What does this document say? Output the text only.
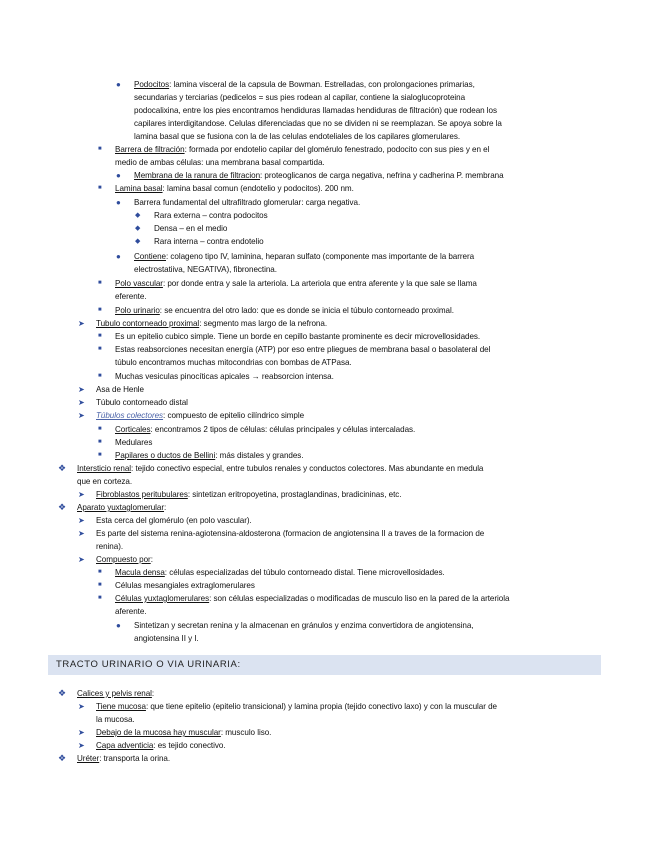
● Podocitos: lamina visceral de la capsula de Bowman. Estrelladas, con prolongaciones primarias,
secundarias y terciarias (pedicelos = sus pies rodean al capilar, contiene la sialoglucoproteina
podocalixina, entre los pies encontramos hendiduras llamadas hendiduras de filtración) que rodean los
capilares interdigitandose. Celulas diferenciadas que no se dividen ni se reemplazan. Se apoya sobre la
lamina basal que se fusiona con la de las celulas endoteliales de los capilares glomerulares.
■ Barrera de filtración: formada por endotelio capilar del glomérulo fenestrado, podocito con sus pies y en el
medio de ambas células: una membrana basal compartida.
● Membrana de la ranura de filtracion: proteoglicanos de carga negativa, nefrina y cadherina P. membrana
■ Lamina basal: lamina basal comun (endotelio y podocitos). 200 nm.
● Barrera fundamental del ultrafiltrado glomerular: carga negativa.
◆ Rara externa – contra podocitos
◆ Densa – en el medio
◆ Rara interna – contra endotelio
● Contiene: colageno tipo IV, laminina, heparan sulfato (componente mas importante de la barrera
electrostatiiva, NEGATIVA), fibronectina.
■ Polo vascular: por donde entra y sale la arteriola. La arteriola que entra aferente y la que sale se llama
eferente.
■ Polo urinario: se encuentra del otro lado: que es donde se inicia el túbulo contorneado proximal.
➤ Tubulo contorneado proximal: segmento mas largo de la nefrona.
■ Es un epitelio cubico simple. Tiene un borde en cepillo bastante prominente es decir microvellosidades.
■ Estas reabsorciones necesitan energía (ATP) por eso entre pliegues de membrana basal o basolateral del
túbulo encontramos muchas mitocondrias con bombas de ATPasa.
■ Muchas vesiculas pinocíticas apicales → reabsorcion intensa.
➤ Asa de Henle
➤ Túbulo contorneado distal
➤ Túbulos colectores: compuesto de epitelio cilíndrico simple
■ Corticales: encontramos 2 tipos de células: células principales y células intercaladas.
■ Medulares
■ Papilares o ductos de Bellini: más distales y grandes.
❖ Intersticio renal: tejido conectivo especial, entre tubulos renales y conductos colectores. Mas abundante en medula
que en corteza.
➤ Fibroblastos peritubulares: sintetizan eritropoyetina, prostaglandinas, bradicininas, etc.
❖ Aparato yuxtaglomerular:
➤ Esta cerca del glomérulo (en polo vascular).
➤ Es parte del sistema renina-agiotensina-aldosterona (formacion de angiotensina II a traves de la formacion de
renina).
➤ Compuesto por:
■ Macula densa: células especializadas del túbulo contorneado distal. Tiene microvellosidades.
■ Células mesangiales extraglomerulares
■ Células yuxtaglomerulares: son células especializadas o modificadas de musculo liso en la pared de la arteriola
aferente.
● Sintetizan y secretan renina y la almacenan en gránulos y enzima convertidora de angiotensina,
angiotensina II y I.
TRACTO URINARIO O VIA URINARIA:
❖ Calices y pelvis renal:
➤ Tiene mucosa: que tiene epitelio (epitelio transicional) y lamina propia (tejido conectivo laxo) y con la muscular de
la mucosa.
➤ Debajo de la mucosa hay muscular: musculo liso.
➤ Capa adventicia: es tejido conectivo.
❖ Uréter: transporta la orina.
